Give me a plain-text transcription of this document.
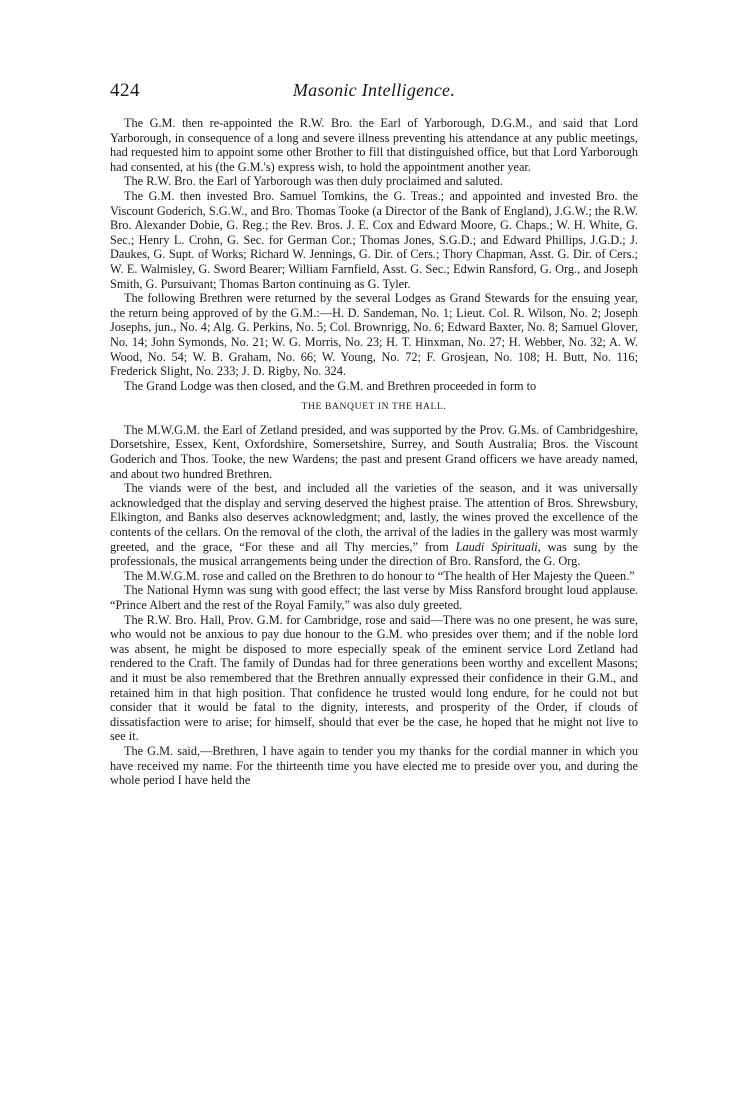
424	Masonic Intelligence.

The G.M. then re-appointed the R.W. Bro. the Earl of Yarborough, D.G.M., and said that Lord Yarborough, in consequence of a long and severe illness preventing his attendance at any public meetings, had requested him to appoint some other Brother to fill that distinguished office, but that Lord Yarborough had consented, at his (the G.M.'s) express wish, to hold the appointment another year.

The R.W. Bro. the Earl of Yarborough was then duly proclaimed and saluted.

The G.M. then invested Bro. Samuel Tomkins, the G. Treas.; and appointed and invested Bro. the Viscount Goderich, S.G.W., and Bro. Thomas Tooke (a Director of the Bank of England), J.G.W.; the R.W. Bro. Alexander Dobie, G. Reg.; the Rev. Bros. J. E. Cox and Edward Moore, G. Chaps.; W. H. White, G. Sec.; Henry L. Crohn, G. Sec. for German Cor.; Thomas Jones, S.G.D.; and Edward Phillips, J.G.D.; J. Daukes, G. Supt. of Works; Richard W. Jennings, G. Dir. of Cers.; Thory Chapman, Asst. G. Dir. of Cers.; W. E. Walmisley, G. Sword Bearer; William Farnfield, Asst. G. Sec.; Edwin Ransford, G. Org., and Joseph Smith, G. Pursuivant; Thomas Barton continuing as G. Tyler.

The following Brethren were returned by the several Lodges as Grand Stewards for the ensuing year, the return being approved of by the G.M.:—H. D. Sandeman, No. 1; Lieut. Col. R. Wilson, No. 2; Joseph Josephs, jun., No. 4; Alg. G. Perkins, No. 5; Col. Brownrigg, No. 6; Edward Baxter, No. 8; Samuel Glover, No. 14; John Symonds, No. 21; W. G. Morris, No. 23; H. T. Hinxman, No. 27; H. Webber, No. 32; A. W. Wood, No. 54; W. B. Graham, No. 66; W. Young, No. 72; F. Grosjean, No. 108; H. Butt, No. 116; Frederick Slight, No. 233; J. D. Rigby, No. 324.

The Grand Lodge was then closed, and the G.M. and Brethren proceeded in form to

THE BANQUET IN THE HALL.

The M.W.G.M. the Earl of Zetland presided, and was supported by the Prov. G.Ms. of Cambridgeshire, Dorsetshire, Essex, Kent, Oxfordshire, Somersetshire, Surrey, and South Australia; Bros. the Viscount Goderich and Thos. Tooke, the new Wardens; the past and present Grand officers we have aready named, and about two hundred Brethren.

The viands were of the best, and included all the varieties of the season, and it was universally acknowledged that the display and serving deserved the highest praise. The attention of Bros. Shrewsbury, Elkington, and Banks also deserves acknowledgment; and, lastly, the wines proved the excellence of the contents of the cellars. On the removal of the cloth, the arrival of the ladies in the gallery was most warmly greeted, and the grace, “For these and all Thy mercies,” from Laudi Spirituali, was sung by the professionals, the musical arrangements being under the direction of Bro. Ransford, the G. Org.

The M.W.G.M. rose and called on the Brethren to do honour to “The health of Her Majesty the Queen.”

The National Hymn was sung with good effect; the last verse by Miss Ransford brought loud applause. “Prince Albert and the rest of the Royal Family,” was also duly greeted.

The R.W. Bro. Hall, Prov. G.M. for Cambridge, rose and said—There was no one present, he was sure, who would not be anxious to pay due honour to the G.M. who presides over them; and if the noble lord was absent, he might be disposed to more especially speak of the eminent service Lord Zetland had rendered to the Craft. The family of Dundas had for three generations been worthy and excellent Masons; and it must be also remembered that the Brethren annually expressed their confidence in their G.M., and retained him in that high position. That confidence he trusted would long endure, for he could not but consider that it would be fatal to the dignity, interests, and prosperity of the Order, if clouds of dissatisfaction were to arise; for himself, should that ever be the case, he hoped that he might not live to see it.

The G.M. said,—Brethren, I have again to tender you my thanks for the cordial manner in which you have received my name. For the thirteenth time you have elected me to preside over you, and during the whole period I have held the
